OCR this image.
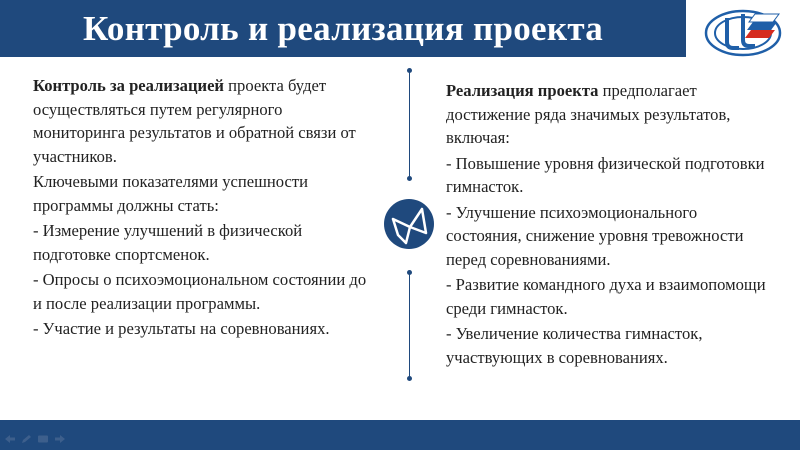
Контроль и реализация проекта

Контроль за реализацией проекта будет осуществляться путем регулярного мониторинга результатов и обратной связи от участников.

Ключевыми показателями успешности программы должны стать:

- Измерение улучшений в физической подготовке спортсменок.

- Опросы о психоэмоциональном состоянии до и после реализации программы.

- Участие и результаты на соревнованиях.

Реализация проекта предполагает достижение ряда значимых результатов, включая:

- Повышение уровня физической подготовки гимнасток.

- Улучшение психоэмоционального состояния, снижение уровня тревожности перед соревнованиями.

- Развитие командного духа и взаимопомощи среди гимнасток.

- Увеличение количества гимнасток, участвующих в соревнованиях.
